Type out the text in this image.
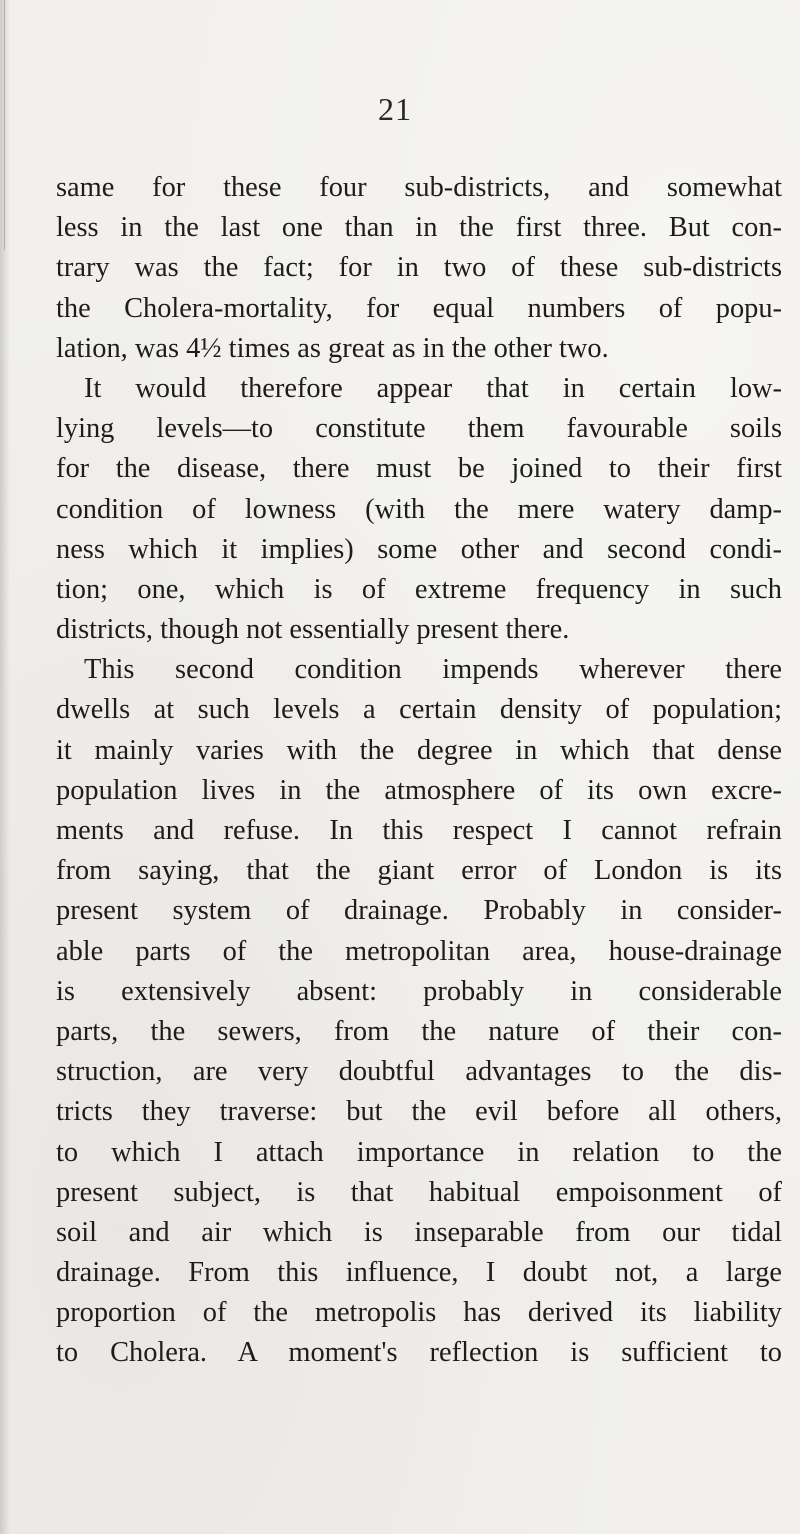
21
same for these four sub-districts, and somewhat
less in the last one than in the first three. But con-
trary was the fact; for in two of these sub-districts
the Cholera-mortality, for equal numbers of popu-
lation, was 4½ times as great as in the other two.
It would therefore appear that in certain low-
lying levels—to constitute them favourable soils
for the disease, there must be joined to their first
condition of lowness (with the mere watery damp-
ness which it implies) some other and second condi-
tion; one, which is of extreme frequency in such
districts, though not essentially present there.
This second condition impends wherever there
dwells at such levels a certain density of population;
it mainly varies with the degree in which that dense
population lives in the atmosphere of its own excre-
ments and refuse. In this respect I cannot refrain
from saying, that the giant error of London is its
present system of drainage. Probably in consider-
able parts of the metropolitan area, house-drainage
is extensively absent: probably in considerable
parts, the sewers, from the nature of their con-
struction, are very doubtful advantages to the dis-
tricts they traverse: but the evil before all others,
to which I attach importance in relation to the
present subject, is that habitual empoisonment of
soil and air which is inseparable from our tidal
drainage. From this influence, I doubt not, a large
proportion of the metropolis has derived its liability
to Cholera. A moment's reflection is sufficient to
